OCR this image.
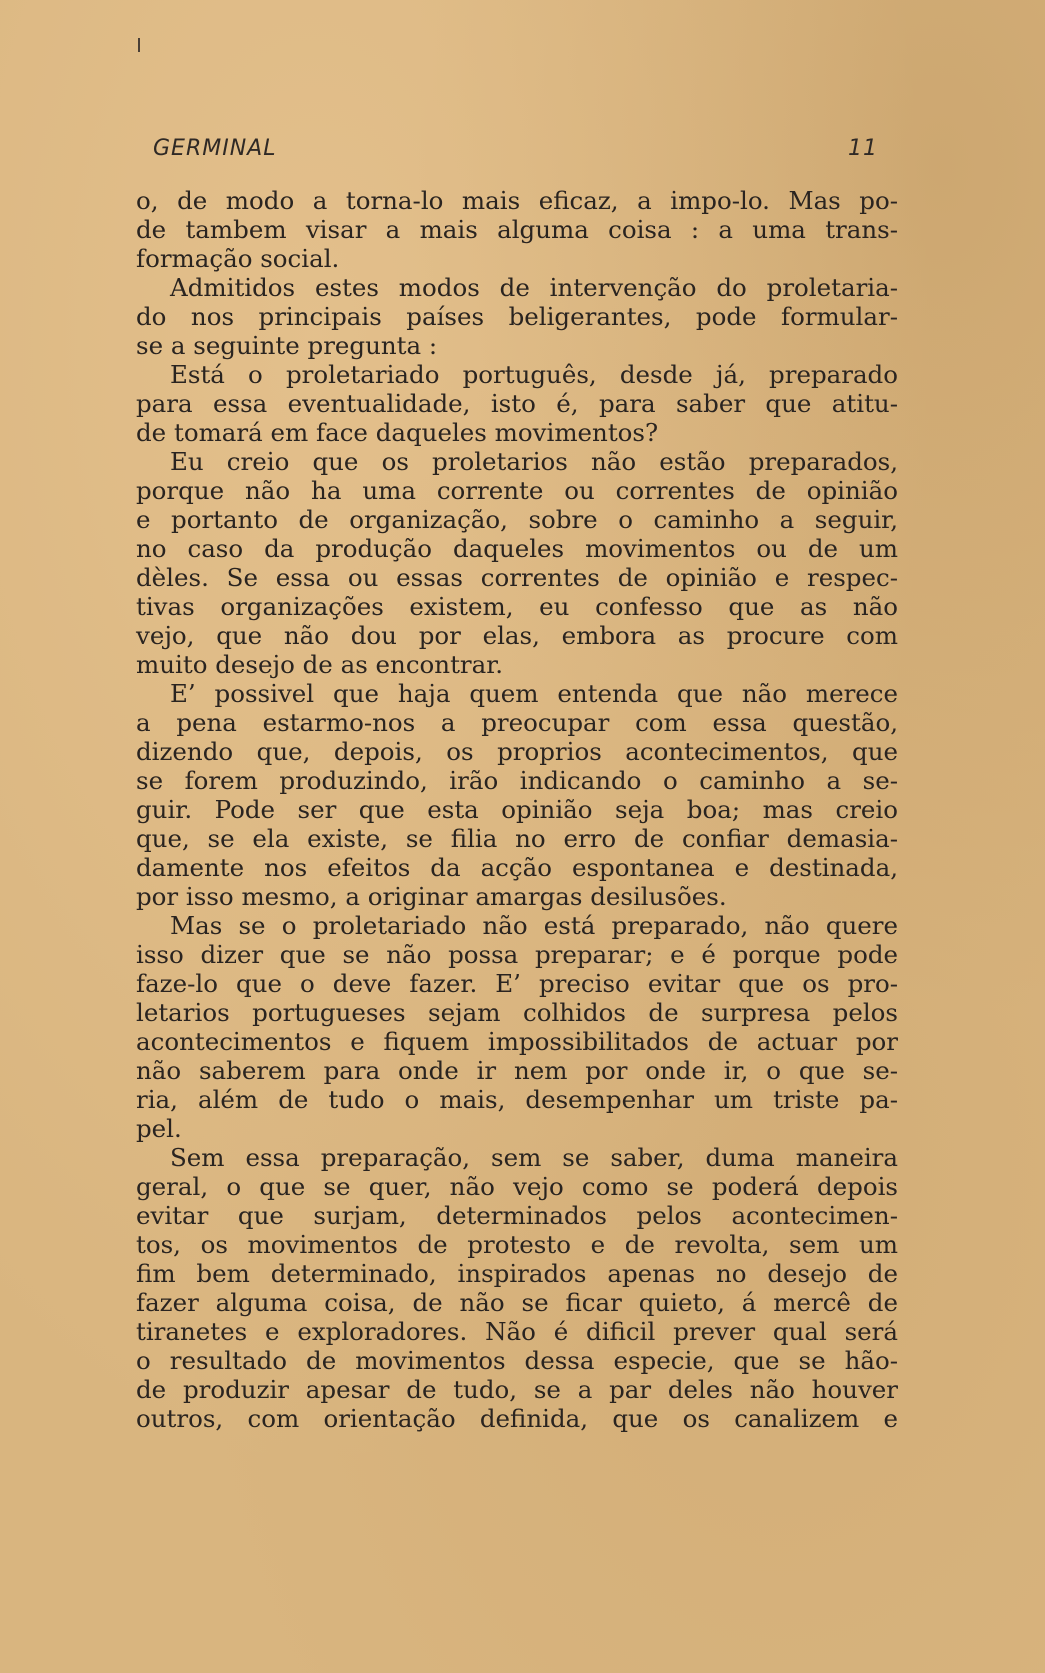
GERMINAL	11
o, de modo a torna-lo mais eficaz, a impo-lo. Mas po-
de tambem visar a mais alguma coisa : a uma trans-
formação social.
Admitidos estes modos de intervenção do proletaria-
do nos principais países beligerantes, pode formular-
se a seguinte pregunta :
Está o proletariado português, desde já, preparado
para essa eventualidade, isto é, para saber que atitu-
de tomará em face daqueles movimentos?
Eu creio que os proletarios não estão preparados,
porque não ha uma corrente ou correntes de opinião
e portanto de organização, sobre o caminho a seguir,
no caso da produção daqueles movimentos ou de um
dèles. Se essa ou essas correntes de opinião e respec-
tivas organizações existem, eu confesso que as não
vejo, que não dou por elas, embora as procure com
muito desejo de as encontrar.
E’ possivel que haja quem entenda que não merece
a pena estarmo-nos a preocupar com essa questão,
dizendo que, depois, os proprios acontecimentos, que
se forem produzindo, irão indicando o caminho a se-
guir. Pode ser que esta opinião seja boa; mas creio
que, se ela existe, se filia no erro de confiar demasia-
damente nos efeitos da acção espontanea e destinada,
por isso mesmo, a originar amargas desilusões.
Mas se o proletariado não está preparado, não quere
isso dizer que se não possa preparar; e é porque pode
faze-lo que o deve fazer. E’ preciso evitar que os pro-
letarios portugueses sejam colhidos de surpresa pelos
acontecimentos e fiquem impossibilitados de actuar por
não saberem para onde ir nem por onde ir, o que se-
ria, além de tudo o mais, desempenhar um triste pa-
pel.
Sem essa preparação, sem se saber, duma maneira
geral, o que se quer, não vejo como se poderá depois
evitar que surjam, determinados pelos acontecimen-
tos, os movimentos de protesto e de revolta, sem um
fim bem determinado, inspirados apenas no desejo de
fazer alguma coisa, de não se ficar quieto, á mercê de
tiranetes e exploradores. Não é dificil prever qual será
o resultado de movimentos dessa especie, que se hão-
de produzir apesar de tudo, se a par deles não houver
outros, com orientação definida, que os canalizem e
